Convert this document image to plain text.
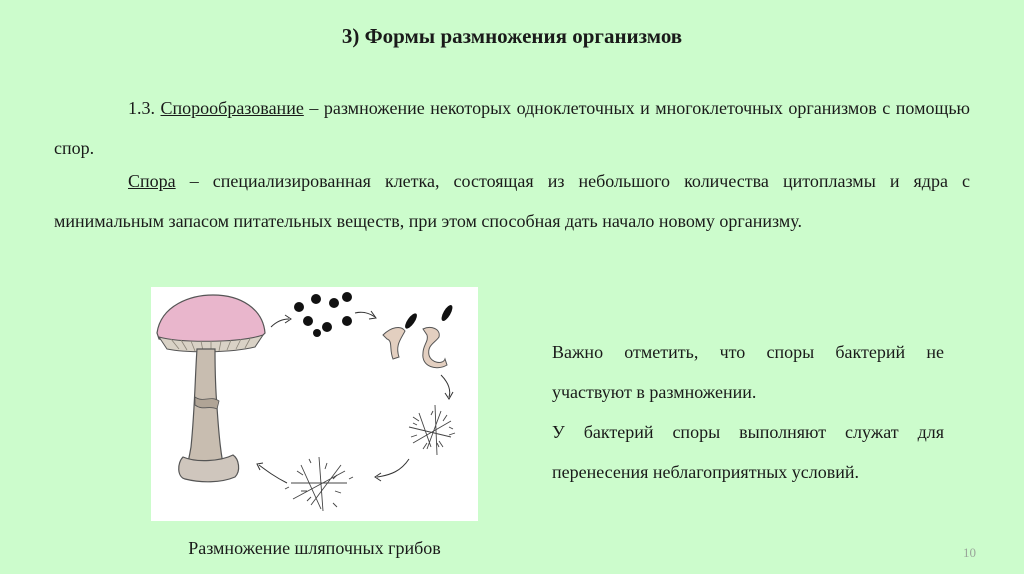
3) Формы размножения организмов
1.3. Спорообразование – размножение некоторых одноклеточных и многоклеточных организмов с помощью спор.
Спора – специализированная клетка, состоящая из небольшого количества цитоплазмы и ядра с минимальным запасом питательных веществ, при этом способная дать начало новому организму.
Размножение шляпочных грибов
Важно отметить, что споры бактерий не участвуют в размножении.
У бактерий споры выполняют служат для перенесения неблагоприятных условий.
10
